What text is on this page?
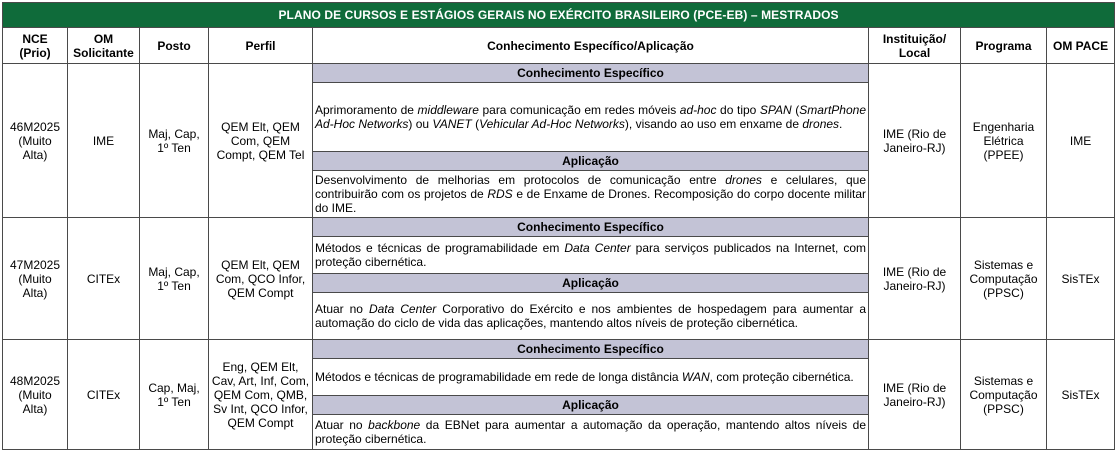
PLANO DE CURSOS E ESTÁGIOS GERAIS NO EXÉRCITO BRASILEIRO (PCE-EB) – MESTRADOS							
NCE (Prio)	OM Solicitante	Posto	Perfil	Conhecimento Específico/Aplicação	Instituição/ Local	Programa	OM PACE
46M2025 (Muito Alta)	IME	Maj, Cap, 1º Ten	QEM Elt, QEM Com, QEM Compt, QEM Tel	Conhecimento Específico	IME (Rio de Janeiro-RJ)	Engenharia Elétrica (PPEE)	IME
				Aprimoramento de middleware para comunicação em redes móveis ad-hoc do tipo SPAN (SmartPhone Ad-Hoc Networks) ou VANET (Vehicular Ad-Hoc Networks), visando ao uso em enxame de drones.			
				Aplicação			
				Desenvolvimento de melhorias em protocolos de comunicação entre drones e celulares, que contribuirão com os projetos de RDS e de Enxame de Drones. Recomposição do corpo docente militar do IME.			
47M2025 (Muito Alta)	CITEx	Maj, Cap, 1º Ten	QEM Elt, QEM Com, QCO Infor, QEM Compt	Conhecimento Específico	IME (Rio de Janeiro-RJ)	Sistemas e Computação (PPSC)	SisTEx
				Métodos e técnicas de programabilidade em Data Center para serviços publicados na Internet, com proteção cibernética.			
				Aplicação			
				Atuar no Data Center Corporativo do Exército e nos ambientes de hospedagem para aumentar a automação do ciclo de vida das aplicações, mantendo altos níveis de proteção cibernética.			
48M2025 (Muito Alta)	CITEx	Cap, Maj, 1º Ten	Eng, QEM Elt, Cav, Art, Inf, Com, QEM Com, QMB, Sv Int, QCO Infor, QEM Compt	Conhecimento Específico	IME (Rio de Janeiro-RJ)	Sistemas e Computação (PPSC)	SisTEx
				Métodos e técnicas de programabilidade em rede de longa distância WAN, com proteção cibernética.			
				Aplicação			
				Atuar no backbone da EBNet para aumentar a automação da operação, mantendo altos níveis de proteção cibernética.			
